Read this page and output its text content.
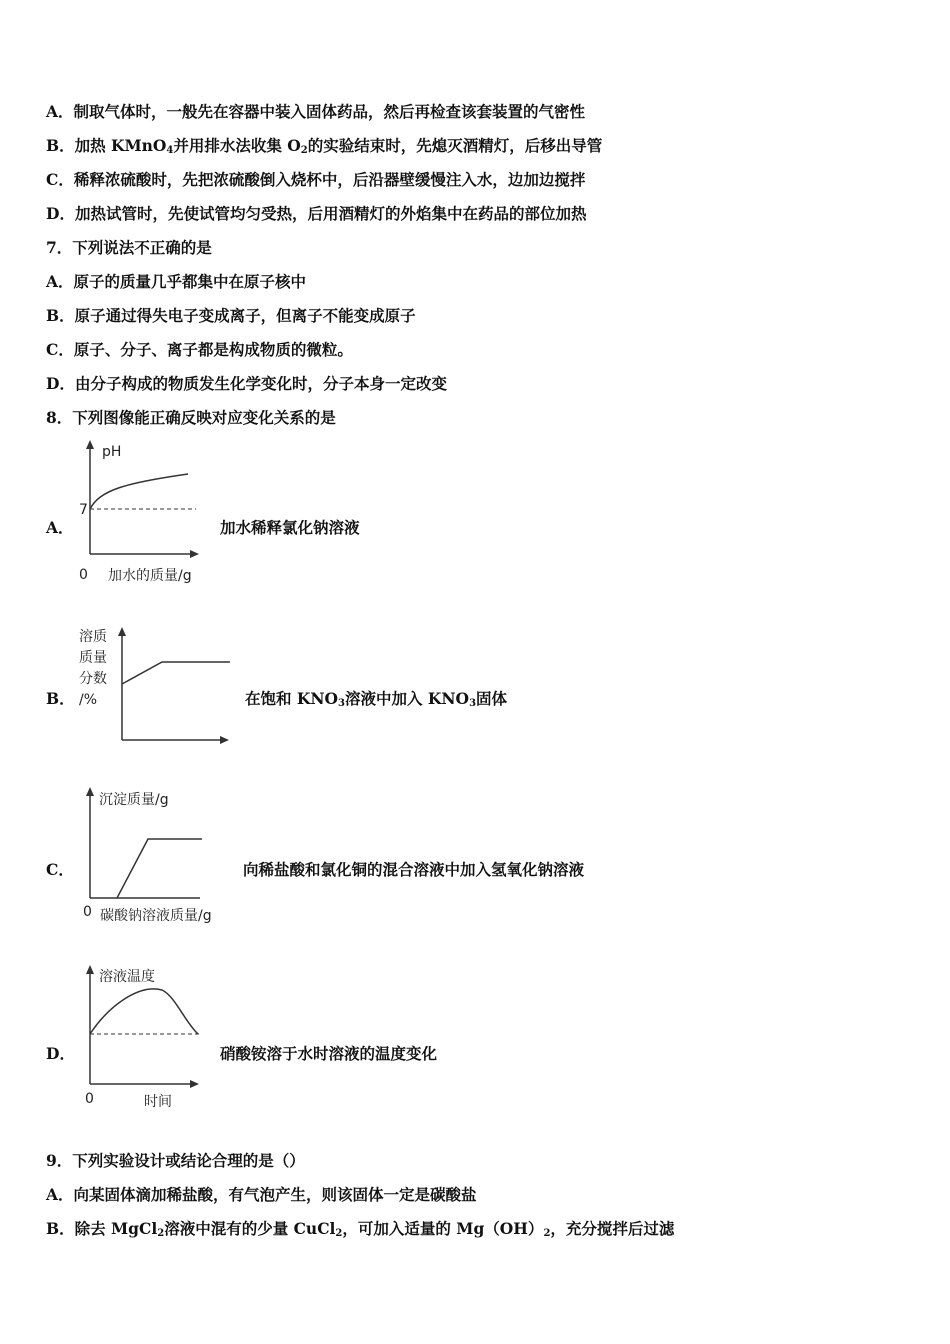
A．制取气体时，一般先在容器中装入固体药品，然后再检查该套装置的气密性
B．加热 KMnO$_4$并用排水法收集 $O_2$的实验结束时，先熄灭酒精灯，后移出导管
C．稀释浓硫酸时，先把浓硫酸倒入烧杯中，后沿器壁缓慢注入水，边加边搅拌
D．加热试管时，先使试管均匀受热，后用酒精灯的外焰集中在药品的部位加热
7．下列说法不正确的是
A．原子的质量几乎都集中在原子核中
B．原子通过得失电子变成离子，但离子不能变成原子
C．原子、分子、离子都是构成物质的微粒。
D．由分子构成的物质发生化学变化时，分子本身一定改变
8．下列图像能正确反映对应变化关系的是
A．
pH
7
0 加水的质量/g
加水稀释氯化钠溶液
B．
溶质
质量
分数
/%	在饱和 $KNO_3$溶液中加入 $KNO_3$固体
C．
沉淀质量/g
0 碳酸钠溶液质量/g
向稀盐酸和氯化铜的混合溶液中加入氢氧化钠溶液
D．
溶液温度
0	时间
硝酸铵溶于水时溶液的温度变化
9．下列实验设计或结论合理的是（）
A．向某固体滴加稀盐酸，有气泡产生，则该固体一定是碳酸盐
B．除去 MgCl$_2$溶液中混有的少量 CuCl$_2$，可加入适量的 $Mg(OH)_2$，充分搅拌后过滤
